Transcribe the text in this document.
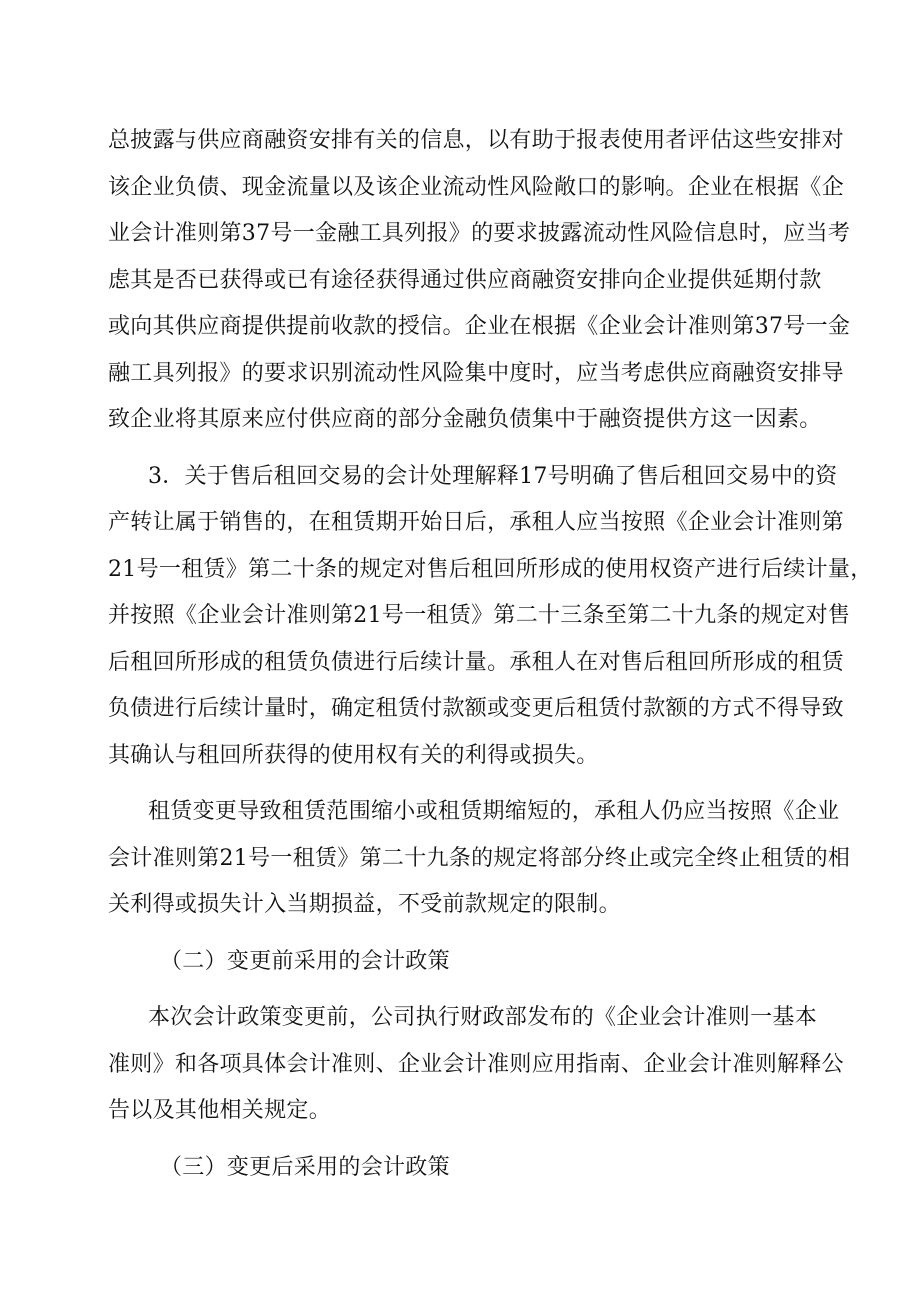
总披露与供应商融资安排有关的信息，以有助于报表使用者评估这些安排对
该企业负债、现金流量以及该企业流动性风险敞口的影响。企业在根据《企
业会计准则第37号一金融工具列报》的要求披露流动性风险信息时，应当考
虑其是否已获得或已有途径获得通过供应商融资安排向企业提供延期付款
或向其供应商提供提前收款的授信。企业在根据《企业会计准则第37号一金
融工具列报》的要求识别流动性风险集中度时，应当考虑供应商融资安排导
致企业将其原来应付供应商的部分金融负债集中于融资提供方这一因素。

3．关于售后租回交易的会计处理解释17号明确了售后租回交易中的资
产转让属于销售的，在租赁期开始日后，承租人应当按照《企业会计准则第
21号一租赁》第二十条的规定对售后租回所形成的使用权资产进行后续计量，
并按照《企业会计准则第21号一租赁》第二十三条至第二十九条的规定对售
后租回所形成的租赁负债进行后续计量。承租人在对售后租回所形成的租赁
负债进行后续计量时，确定租赁付款额或变更后租赁付款额的方式不得导致
其确认与租回所获得的使用权有关的利得或损失。

租赁变更导致租赁范围缩小或租赁期缩短的，承租人仍应当按照《企业
会计准则第21号一租赁》第二十九条的规定将部分终止或完全终止租赁的相
关利得或损失计入当期损益，不受前款规定的限制。

（二）变更前采用的会计政策

本次会计政策变更前，公司执行财政部发布的《企业会计准则一基本
准则》和各项具体会计准则、企业会计准则应用指南、企业会计准则解释公
告以及其他相关规定。

（三）变更后采用的会计政策
